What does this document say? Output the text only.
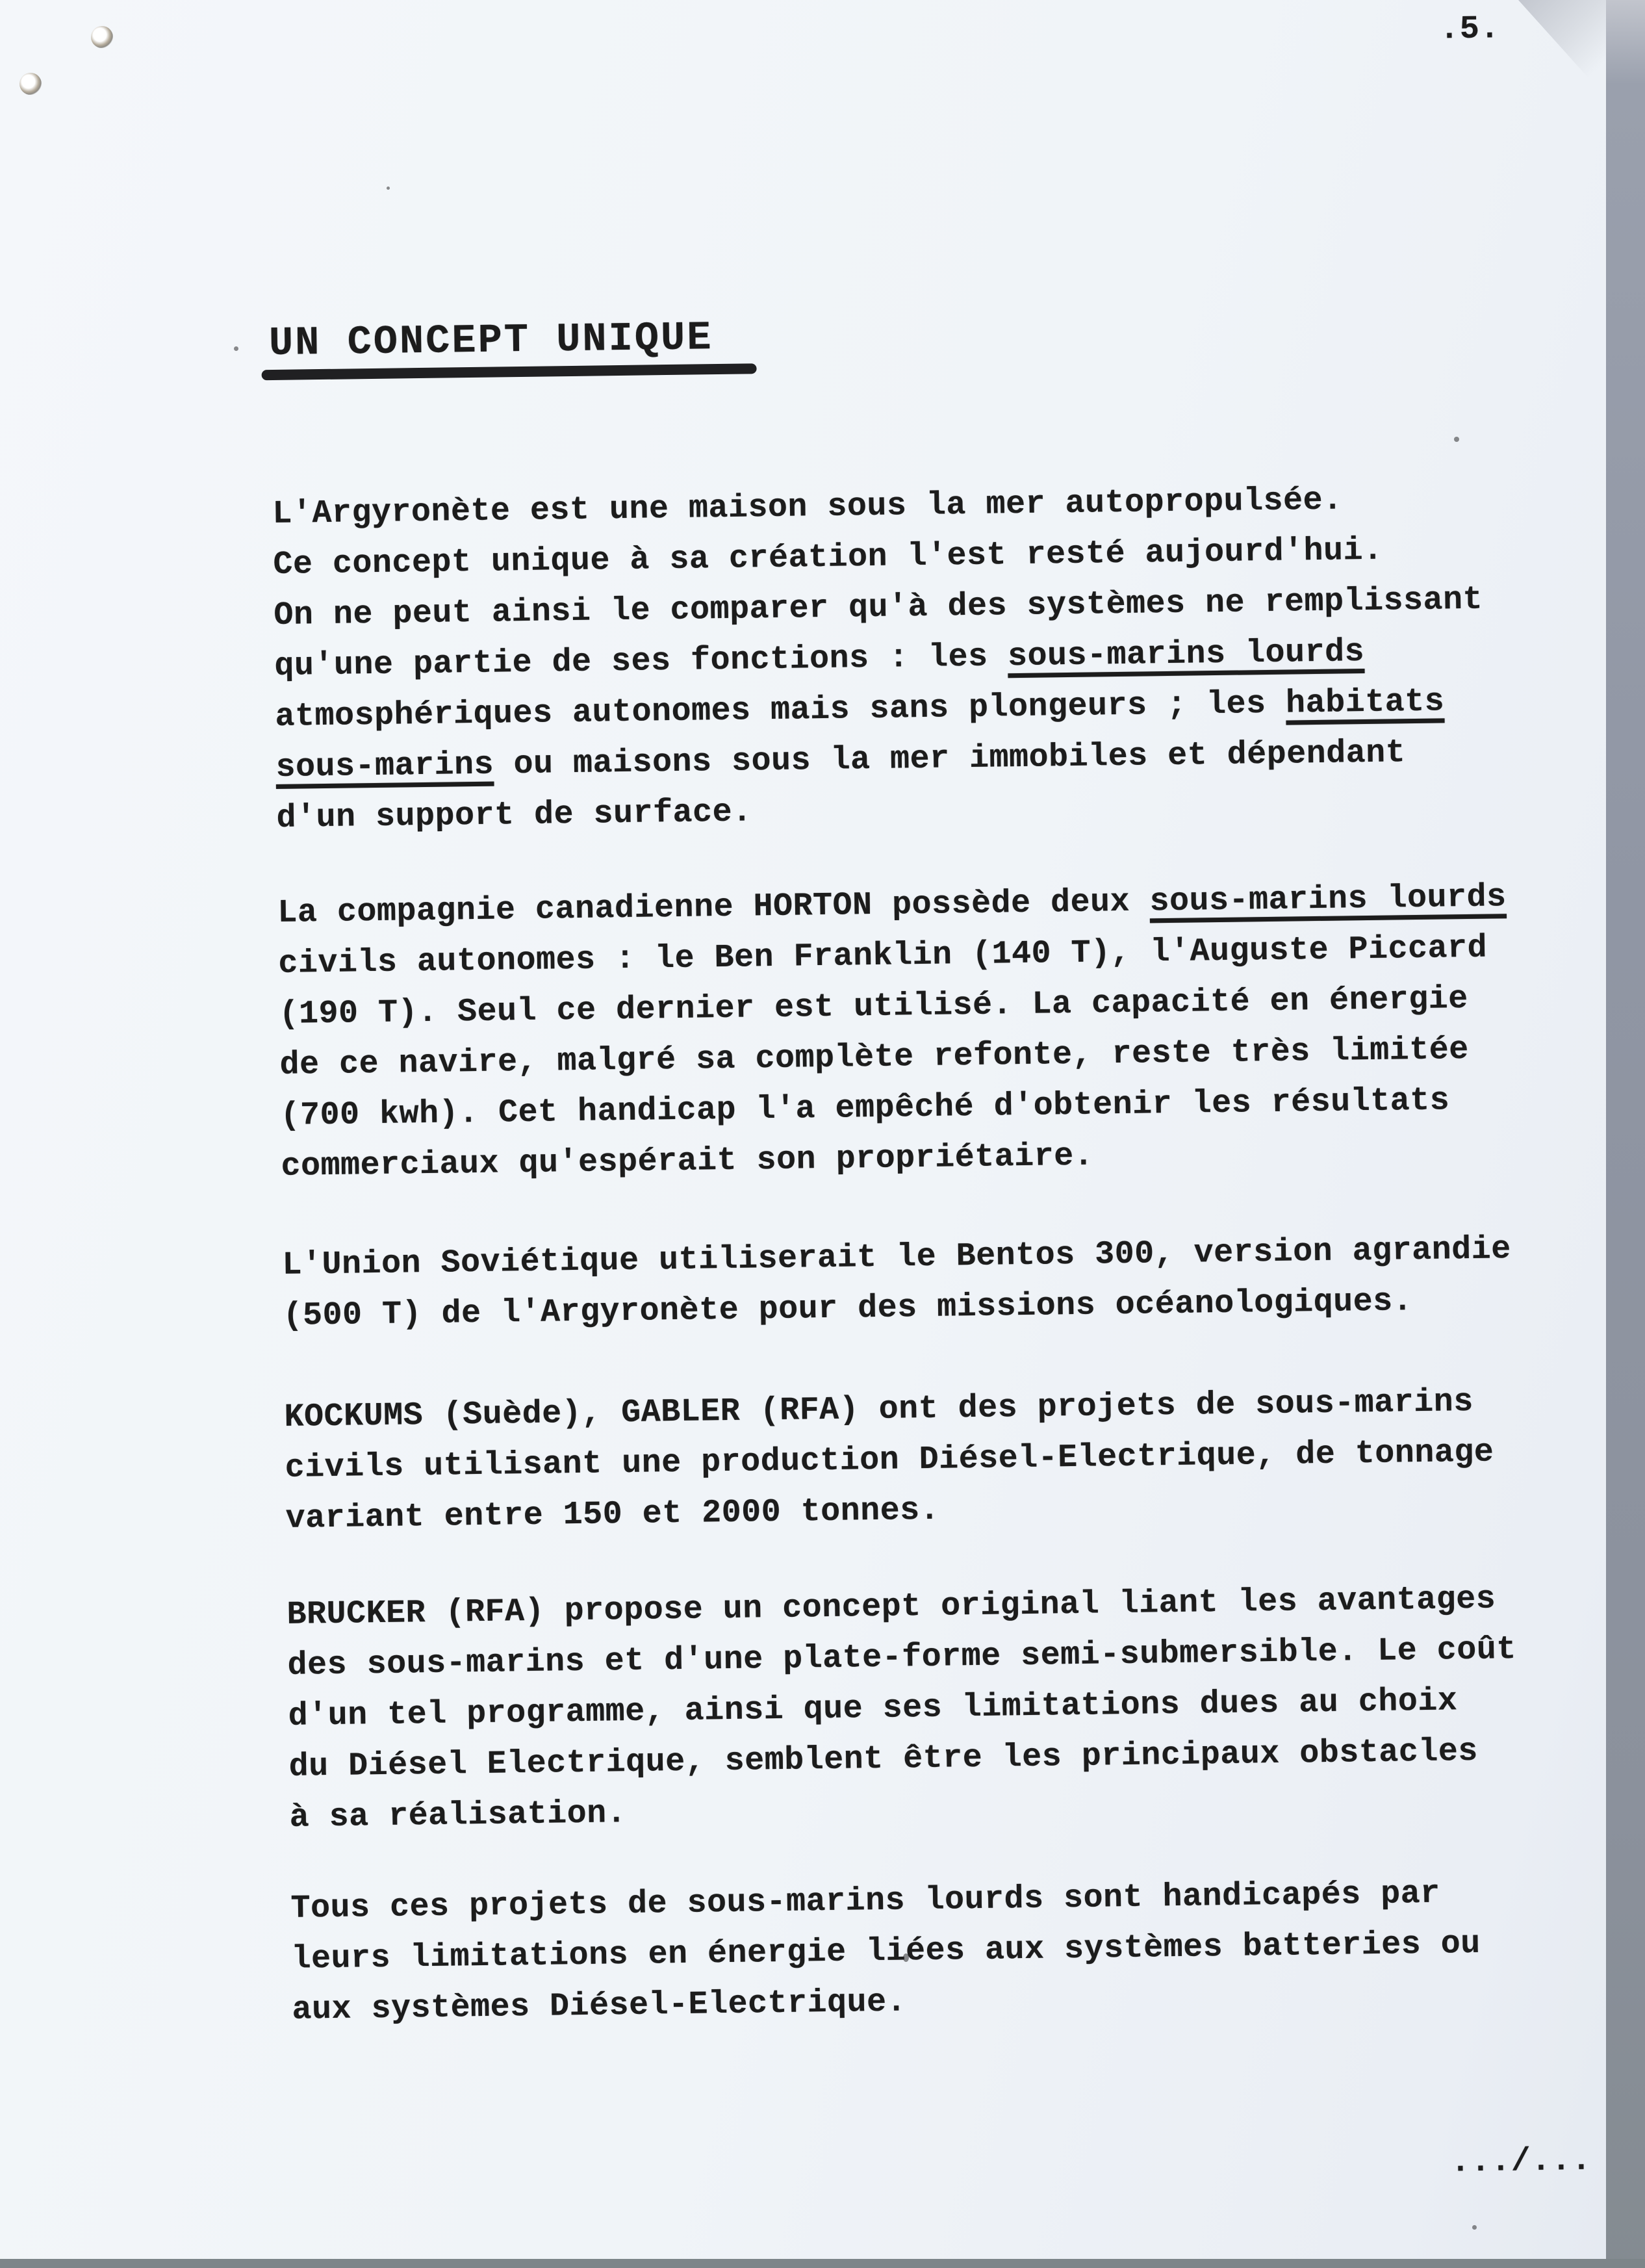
.5.
UN CONCEPT UNIQUE
L'Argyronète est une maison sous la mer autopropulsée.
Ce concept unique à sa création l'est resté aujourd'hui.
On ne peut ainsi le comparer qu'à des systèmes ne remplissant
qu'une partie de ses fonctions : les sous-marins lourds
atmosphériques autonomes mais sans plongeurs ; les habitats
sous-marins ou maisons sous la mer immobiles et dépendant
d'un support de surface.
La compagnie canadienne HORTON possède deux sous-marins lourds
civils autonomes : le Ben Franklin (140 T), l'Auguste Piccard
(190 T). Seul ce dernier est utilisé. La capacité en énergie
de ce navire, malgré sa complète refonte, reste très limitée
(700 kwh). Cet handicap l'a empêché d'obtenir les résultats
commerciaux qu'espérait son propriétaire.
L'Union Soviétique utiliserait le Bentos 300, version agrandie
(500 T) de l'Argyronète pour des missions océanologiques.
KOCKUMS (Suède), GABLER (RFA) ont des projets de sous-marins
civils utilisant une production Diésel-Electrique, de tonnage
variant entre 150 et 2000 tonnes.
BRUCKER (RFA) propose un concept original liant les avantages
des sous-marins et d'une plate-forme semi-submersible. Le coût
d'un tel programme, ainsi que ses limitations dues au choix
du Diésel Electrique, semblent être les principaux obstacles
à sa réalisation.
Tous ces projets de sous-marins lourds sont handicapés par
leurs limitations en énergie liées aux systèmes batteries ou
aux systèmes Diésel-Electrique.
.../...
